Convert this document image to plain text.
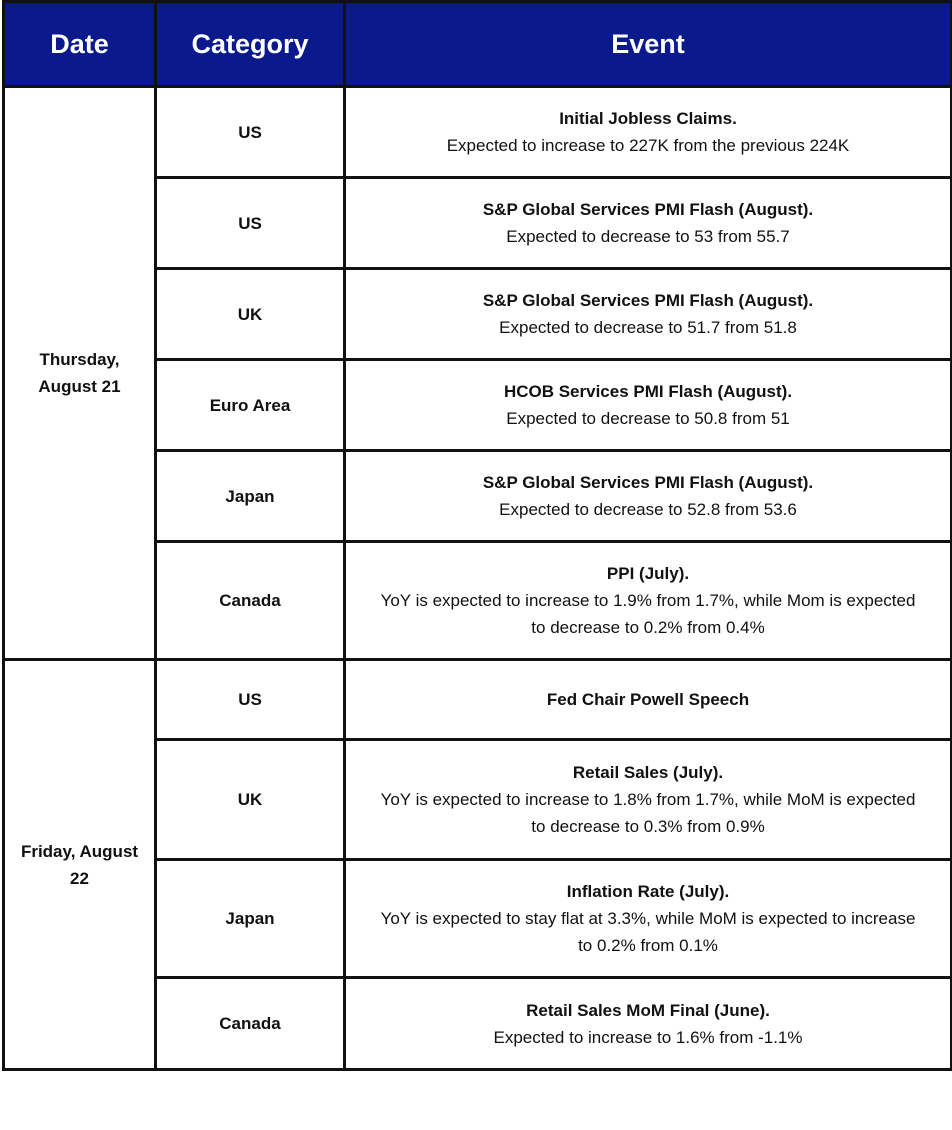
Date	Category	Event
Thursday, August 21	US	Initial Jobless Claims.
Expected to increase to 227K from the previous 224K

	US	S&P Global Services PMI Flash (August).
Expected to decrease to 53 from 55.7

	UK	S&P Global Services PMI Flash (August).
Expected to decrease to 51.7 from 51.8

	Euro Area	HCOB Services PMI Flash (August).
Expected to decrease to 50.8 from 51

	Japan	S&P Global Services PMI Flash (August).
Expected to decrease to 52.8 from 53.6

	Canada	PPI (July).
YoY is expected to increase to 1.9% from 1.7%, while Mom is expected to decrease to 0.2% from 0.4%

Friday, August 22	US	Fed Chair Powell Speech

	UK	Retail Sales (July).
YoY is expected to increase to 1.8% from 1.7%, while MoM is expected to decrease to 0.3% from 0.9%

	Japan	Inflation Rate (July).
YoY is expected to stay flat at 3.3%, while MoM is expected to increase to 0.2% from 0.1%

	Canada	Retail Sales MoM Final (June).
Expected to increase to 1.6% from -1.1%
